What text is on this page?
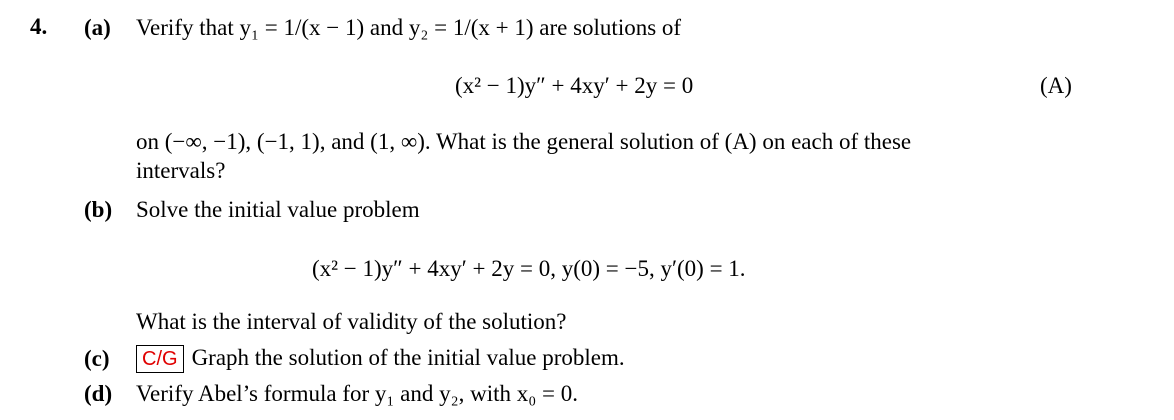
4. (a) Verify that y₁ = 1/(x − 1) and y₂ = 1/(x + 1) are solutions of
(x² − 1)y″ + 4xy′ + 2y = 0	(A)
on (−∞, −1), (−1, 1), and (1, ∞). What is the general solution of (A) on each of these
intervals?
(b) Solve the initial value problem
(x² − 1)y″ + 4xy′ + 2y = 0, y(0) = −5, y′(0) = 1.
What is the interval of validity of the solution?
(c)	C/G Graph the solution of the initial value problem.
(d) Verify Abel’s formula for y₁ and y₂, with x₀ = 0.
